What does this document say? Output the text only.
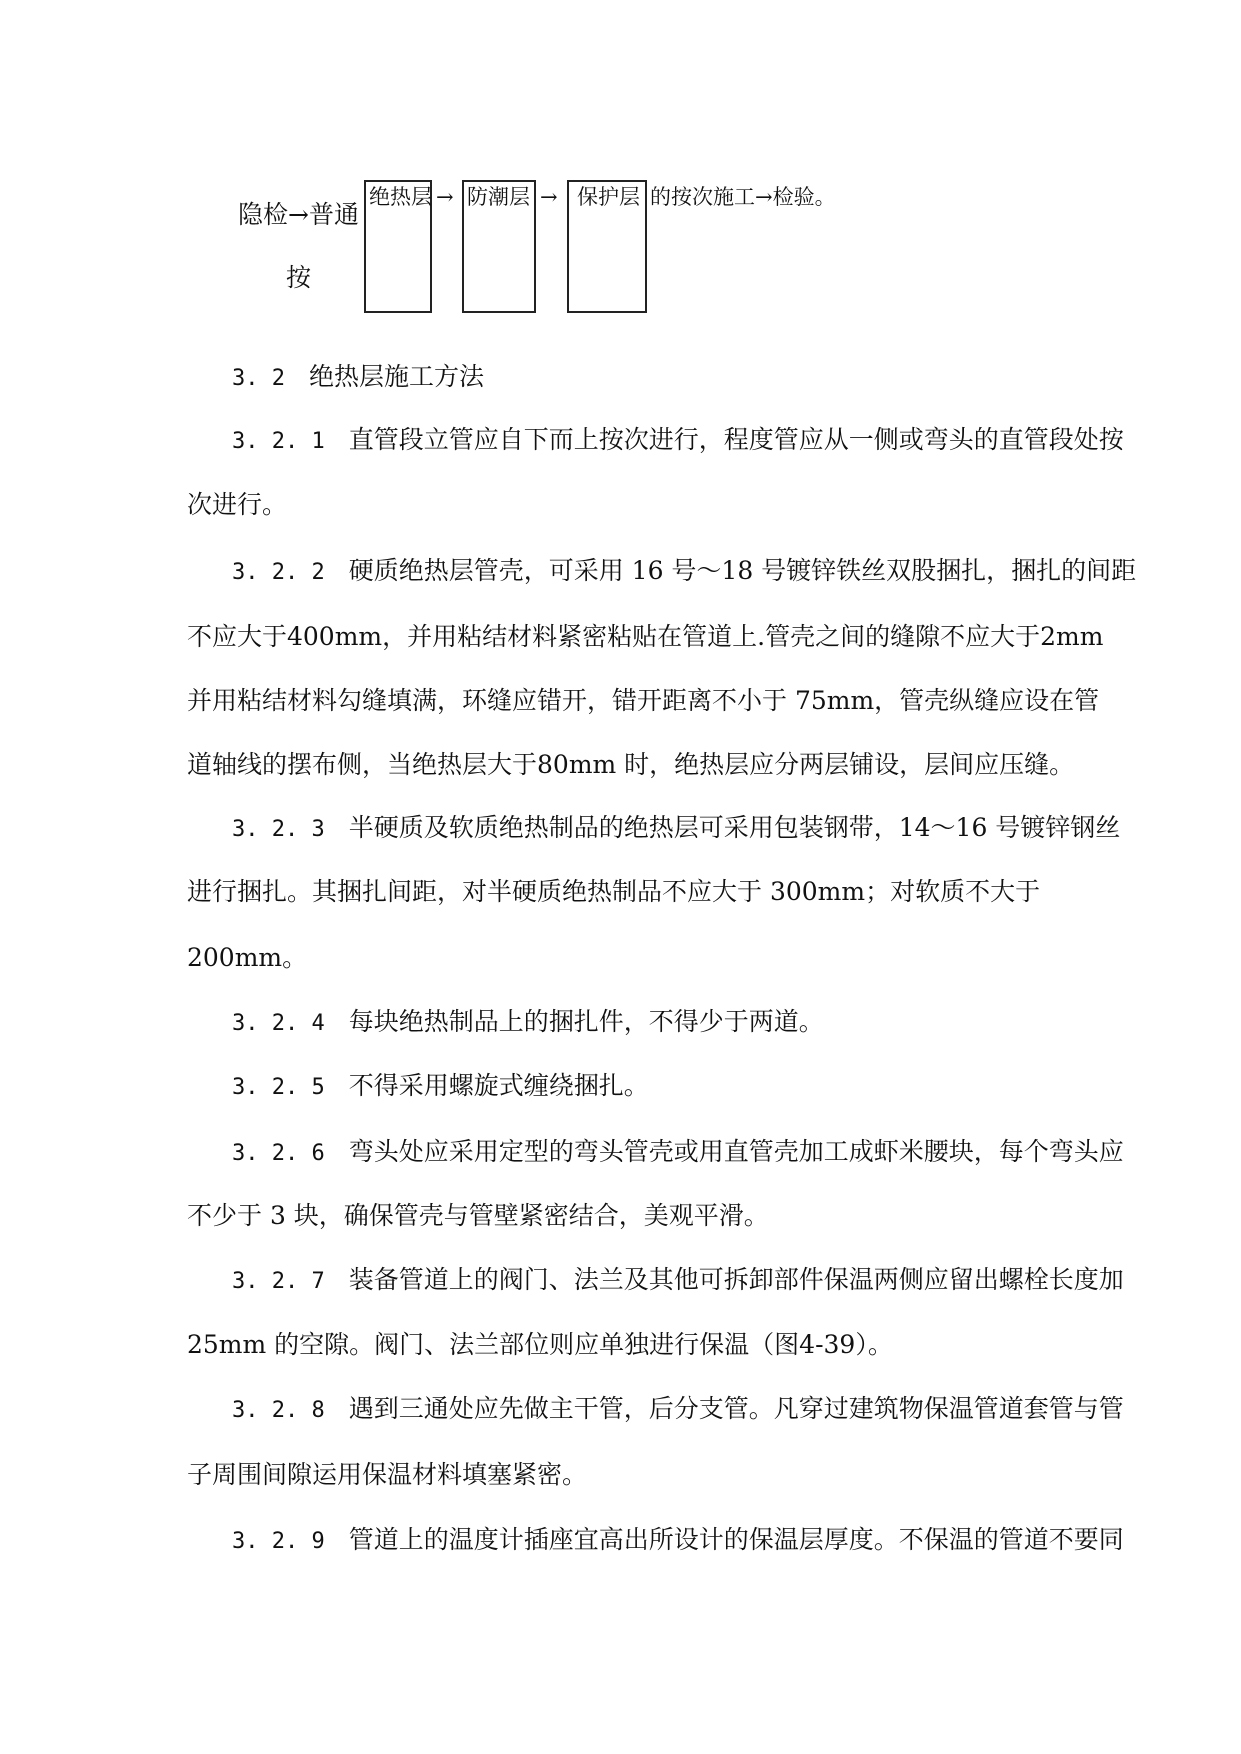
隐检→普通
按
绝热层 → 防潮层 → 保护层 的按次施工→检验。
3. 2 绝热层施工方法
3. 2. 1 直管段立管应自下而上按次进行，程度管应从一侧或弯头的直管段处按
次进行。
3. 2. 2 硬质绝热层管壳，可采用 16 号～18 号镀锌铁丝双股捆扎，捆扎的间距
不应大于400mm，并用粘结材料紧密粘贴在管道上.管壳之间的缝隙不应大于2mm
并用粘结材料勾缝填满，环缝应错开，错开距离不小于 75mm，管壳纵缝应设在管
道轴线的摆布侧，当绝热层大于80mm 时，绝热层应分两层铺设，层间应压缝。
3. 2. 3 半硬质及软质绝热制品的绝热层可采用包装钢带，14～16 号镀锌钢丝
进行捆扎。其捆扎间距，对半硬质绝热制品不应大于 300mm；对软质不大于
200mm。
3. 2. 4 每块绝热制品上的捆扎件，不得少于两道。
3. 2. 5 不得采用螺旋式缠绕捆扎。
3. 2. 6 弯头处应采用定型的弯头管壳或用直管壳加工成虾米腰块，每个弯头应
不少于 3 块，确保管壳与管壁紧密结合，美观平滑。
3. 2. 7 装备管道上的阀门、法兰及其他可拆卸部件保温两侧应留出螺栓长度加
25mm 的空隙。阀门、法兰部位则应单独进行保温（图4-39）。
3. 2. 8 遇到三通处应先做主干管，后分支管。凡穿过建筑物保温管道套管与管
子周围间隙运用保温材料填塞紧密。
3. 2. 9 管道上的温度计插座宜高出所设计的保温层厚度。不保温的管道不要同
